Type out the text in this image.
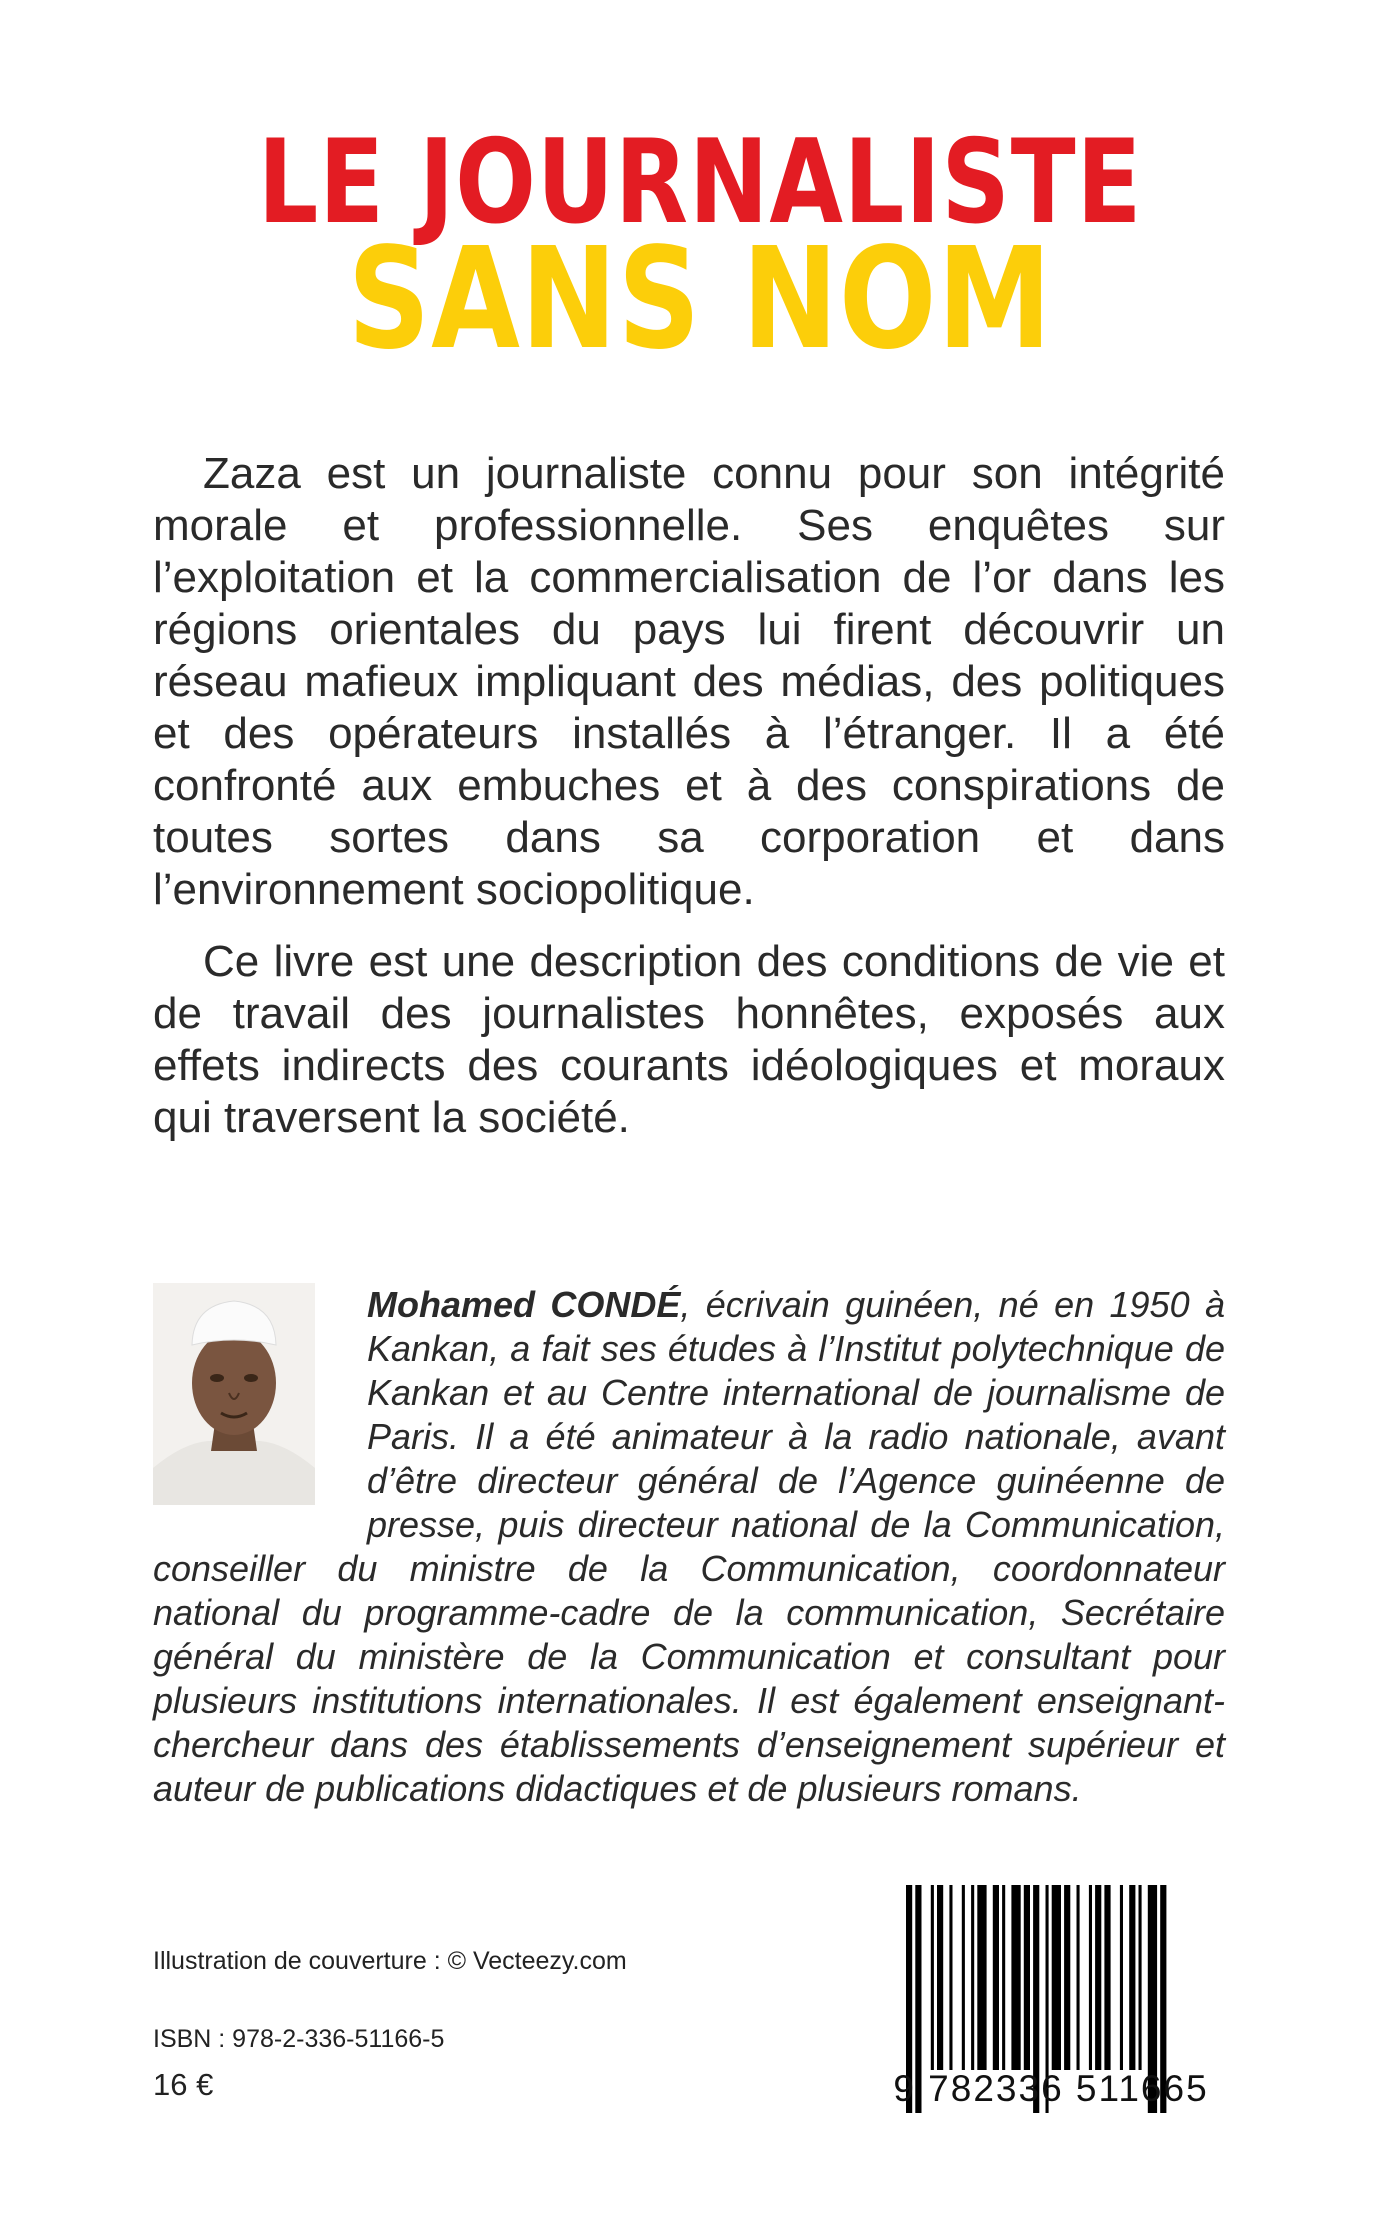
LE JOURNALISTE
SANS NOM

Zaza est un journaliste connu pour son intégrité morale et professionnelle. Ses enquêtes sur l’exploitation et la commercialisation de l’or dans les régions orientales du pays lui firent découvrir un réseau mafieux impliquant des médias, des politiques et des opérateurs installés à l’étranger. Il a été confronté aux embuches et à des conspirations de toutes sortes dans sa corporation et dans l’environnement sociopolitique.

Ce livre est une description des conditions de vie et de travail des journalistes honnêtes, exposés aux effets indirects des courants idéologiques et moraux qui traversent la société.

Mohamed CONDÉ, écrivain guinéen, né en 1950 à Kankan, a fait ses études à l’Institut polytechnique de Kankan et au Centre international de journalisme de Paris. Il a été animateur à la radio nationale, avant d’être directeur général de l’Agence guinéenne de presse, puis directeur national de la Communication, conseiller du ministre de la Communication, coordonnateur national du programme-cadre de la communication, Secrétaire général du ministère de la Communication et consultant pour plusieurs institutions internationales. Il est également enseignant-chercheur dans des établissements d’enseignement supérieur et auteur de publications didactiques et de plusieurs romans.
Illustration de couverture : © Vecteezy.com
ISBN : 978-2-336-51166-5
16 €	9 782336 511665
